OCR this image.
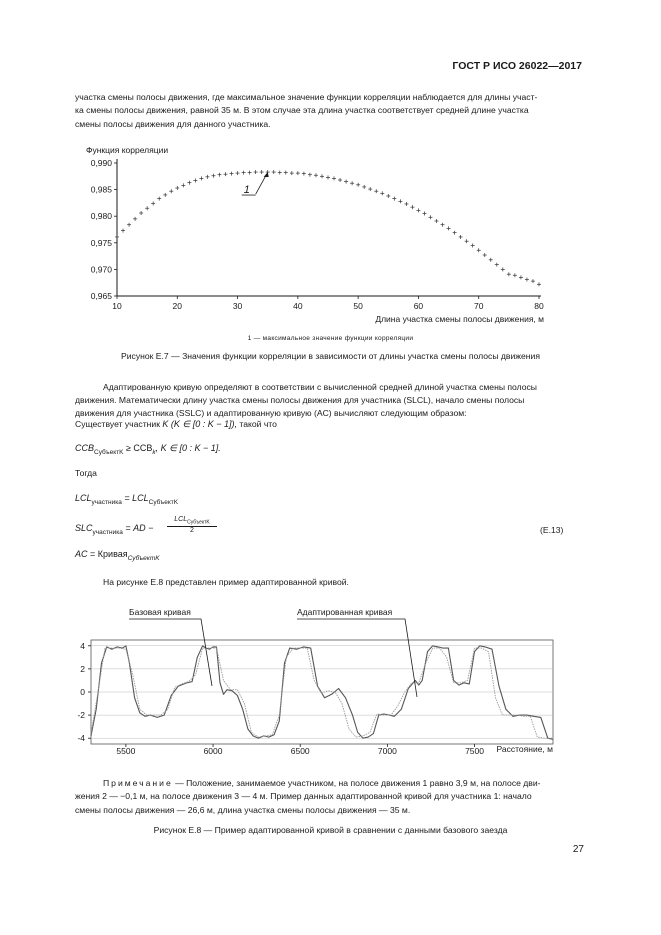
ГОСТ Р ИСО 26022—2017
участка смены полосы движения, где максимальное значение функции корреляции наблюдается для длины участ-
ка смены полосы движения, равной 35 м. В этом случае эта длина участка соответствует средней длине участка
смены полосы движения для данного участника.
0,990
0,985
0,980
0,975
0,970
0,965
10	20	30	40	50	60	70	80
Функция корреляции
Длина участка смены полосы движения, м
1
1 — максимальное значение функции корреляции
Рисунок Е.7 — Значения функции корреляции в зависимости от длины участка смены полосы движения
Адаптированную кривую определяют в соответствии с вычисленной средней длиной участка смены полосы
движения. Математически длину участка смены полосы движения для участника (SLCL), начало смены полосы
движения для участника (SSLC) и адаптированную кривую (AC) вычисляют следующим образом:
Существует участник K (K ∈ [0 : K − 1]), такой что
$CCB_{СубъектK} \ge CCB_k$, K ∈ [0 : K − 1].
Тогда
$LCL_{участника} = LCL_{СубъектK}$
$SLC_{участника}$ = AD −
$LCL_{СубъектK}$
2	(Е.13)
AC = Кривая$_{СубъектK}$
На рисунке Е.8 представлен пример адаптированной кривой.
4
2
0
-2
-4
5500	6000	6500	7000	7500
Базовая кривая	Адаптированная кривая
Расстояние, м
Примечание — Положение, занимаемое участником, на полосе движения 1 равно 3,9 м, на полосе дви-
жения 2 — −0,1 м, на полосе движения 3 — 4 м. Пример данных адаптированной кривой для участника 1: начало
смены полосы движения — 26,6 м, длина участка смены полосы движения — 35 м.
Рисунок Е.8 — Пример адаптированной кривой в сравнении с данными базового заезда
27
